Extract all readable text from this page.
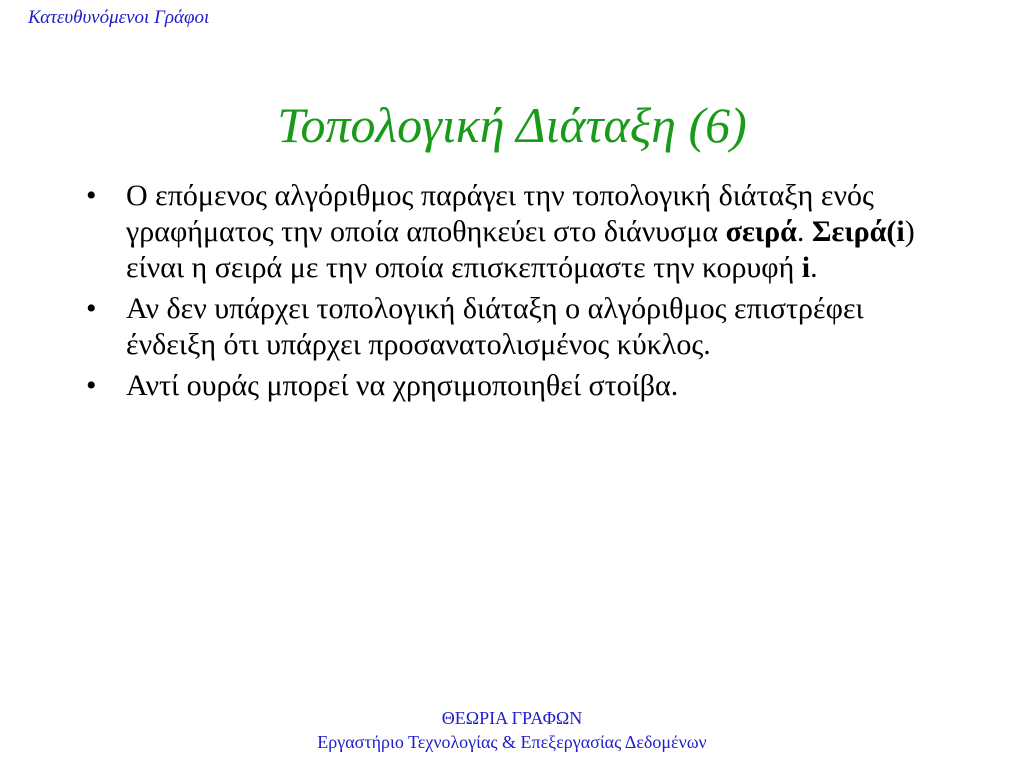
Κατευθυνόμενοι Γράφοι
Τοπολογική Διάταξη (6)
• Ο επόμενος αλγόριθμος παράγει την τοπολογική διάταξη ενός γραφήματος την οποία αποθηκεύει στο διάνυσμα σειρά. Σειρά(i) είναι η σειρά με την οποία επισκεπτόμαστε την κορυφή i.
• Αν δεν υπάρχει τοπολογική διάταξη ο αλγόριθμος επιστρέφει ένδειξη ότι υπάρχει προσανατολισμένος κύκλος.
• Αντί ουράς μπορεί να χρησιμοποιηθεί στοίβα.
ΘΕΩΡΙΑ ΓΡΑΦΩΝ
Εργαστήριο Τεχνολογίας & Επεξεργασίας Δεδομένων
